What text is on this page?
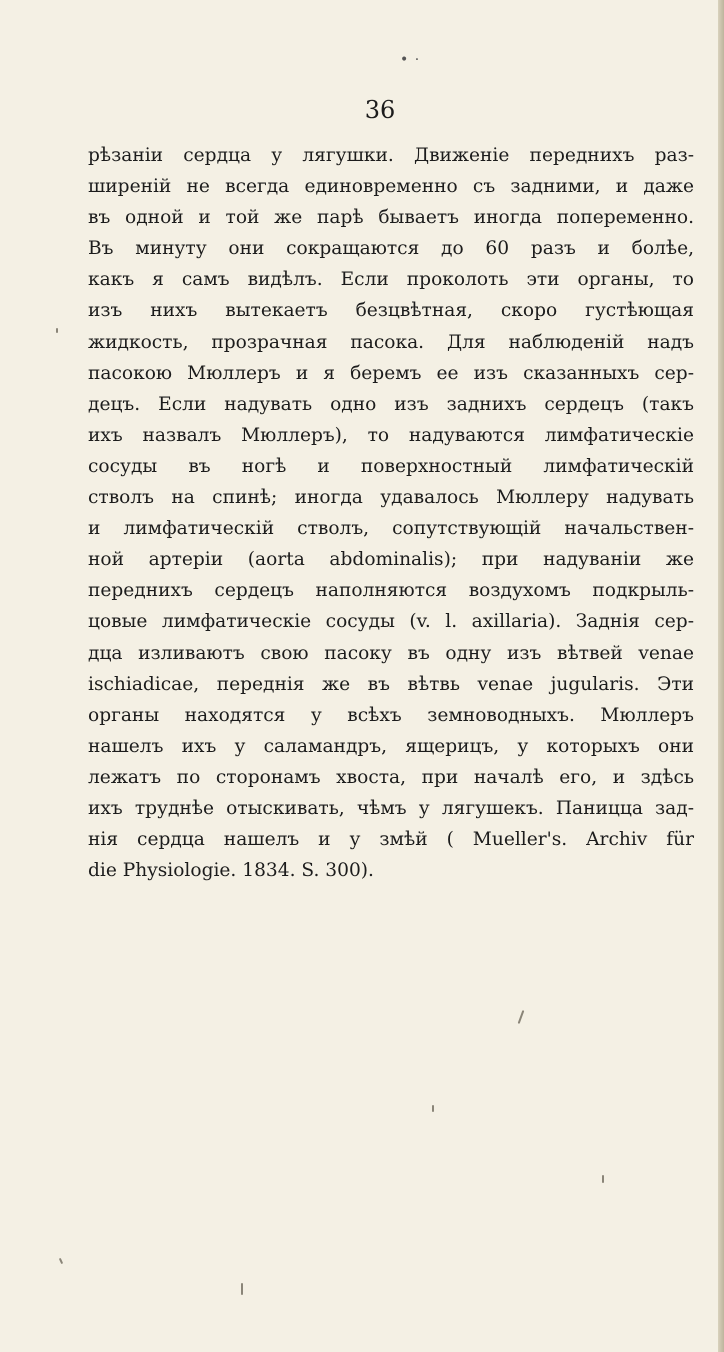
• ·
36
рѣзаніи сердца у лягушки. Движеніе переднихъ раз-
ширеній не всегда единовременно съ задними, и даже
въ одной и той же парѣ бываетъ иногда попеременно.
Въ минуту они сокращаются до 60 разъ и болѣе,
какъ я самъ видѣлъ. Если проколоть эти органы, то
изъ нихъ вытекаетъ безцвѣтная, скоро густѣющая
жидкость, прозрачная пасока. Для наблюденій надъ
пасокою Мюллеръ и я беремъ ее изъ сказанныхъ сер-
децъ. Если надувать одно изъ заднихъ сердецъ (такъ
ихъ назвалъ Мюллеръ), то надуваются лимфатическіе
сосуды въ ногѣ и поверхностный лимфатическій
стволъ на спинѣ; иногда удавалось Мюллеру надувать
и лимфатическій стволъ, сопутствующій начальствен-
ной артеріи (aorta abdominalis); при надуваніи же
переднихъ сердецъ наполняются воздухомъ подкрыль-
цовые лимфатическіе сосуды (v. l. axillaria). Заднія сер-
дца изливаютъ свою пасоку въ одну изъ вѣтвей venae
ischiadicae, переднія же въ вѣтвь venae jugularis. Эти
органы находятся у всѣхъ земноводныхъ. Мюллеръ
нашелъ ихъ у саламандръ, ящерицъ, у которыхъ они
лежатъ по сторонамъ хвоста, при началѣ его, и здѣсь
ихъ труднѣе отыскивать, чѣмъ у лягушекъ. Паницца зад-
нія сердца нашелъ и у змѣй ( Mueller's. Archiv für
die Physiologie. 1834. S. 300).
